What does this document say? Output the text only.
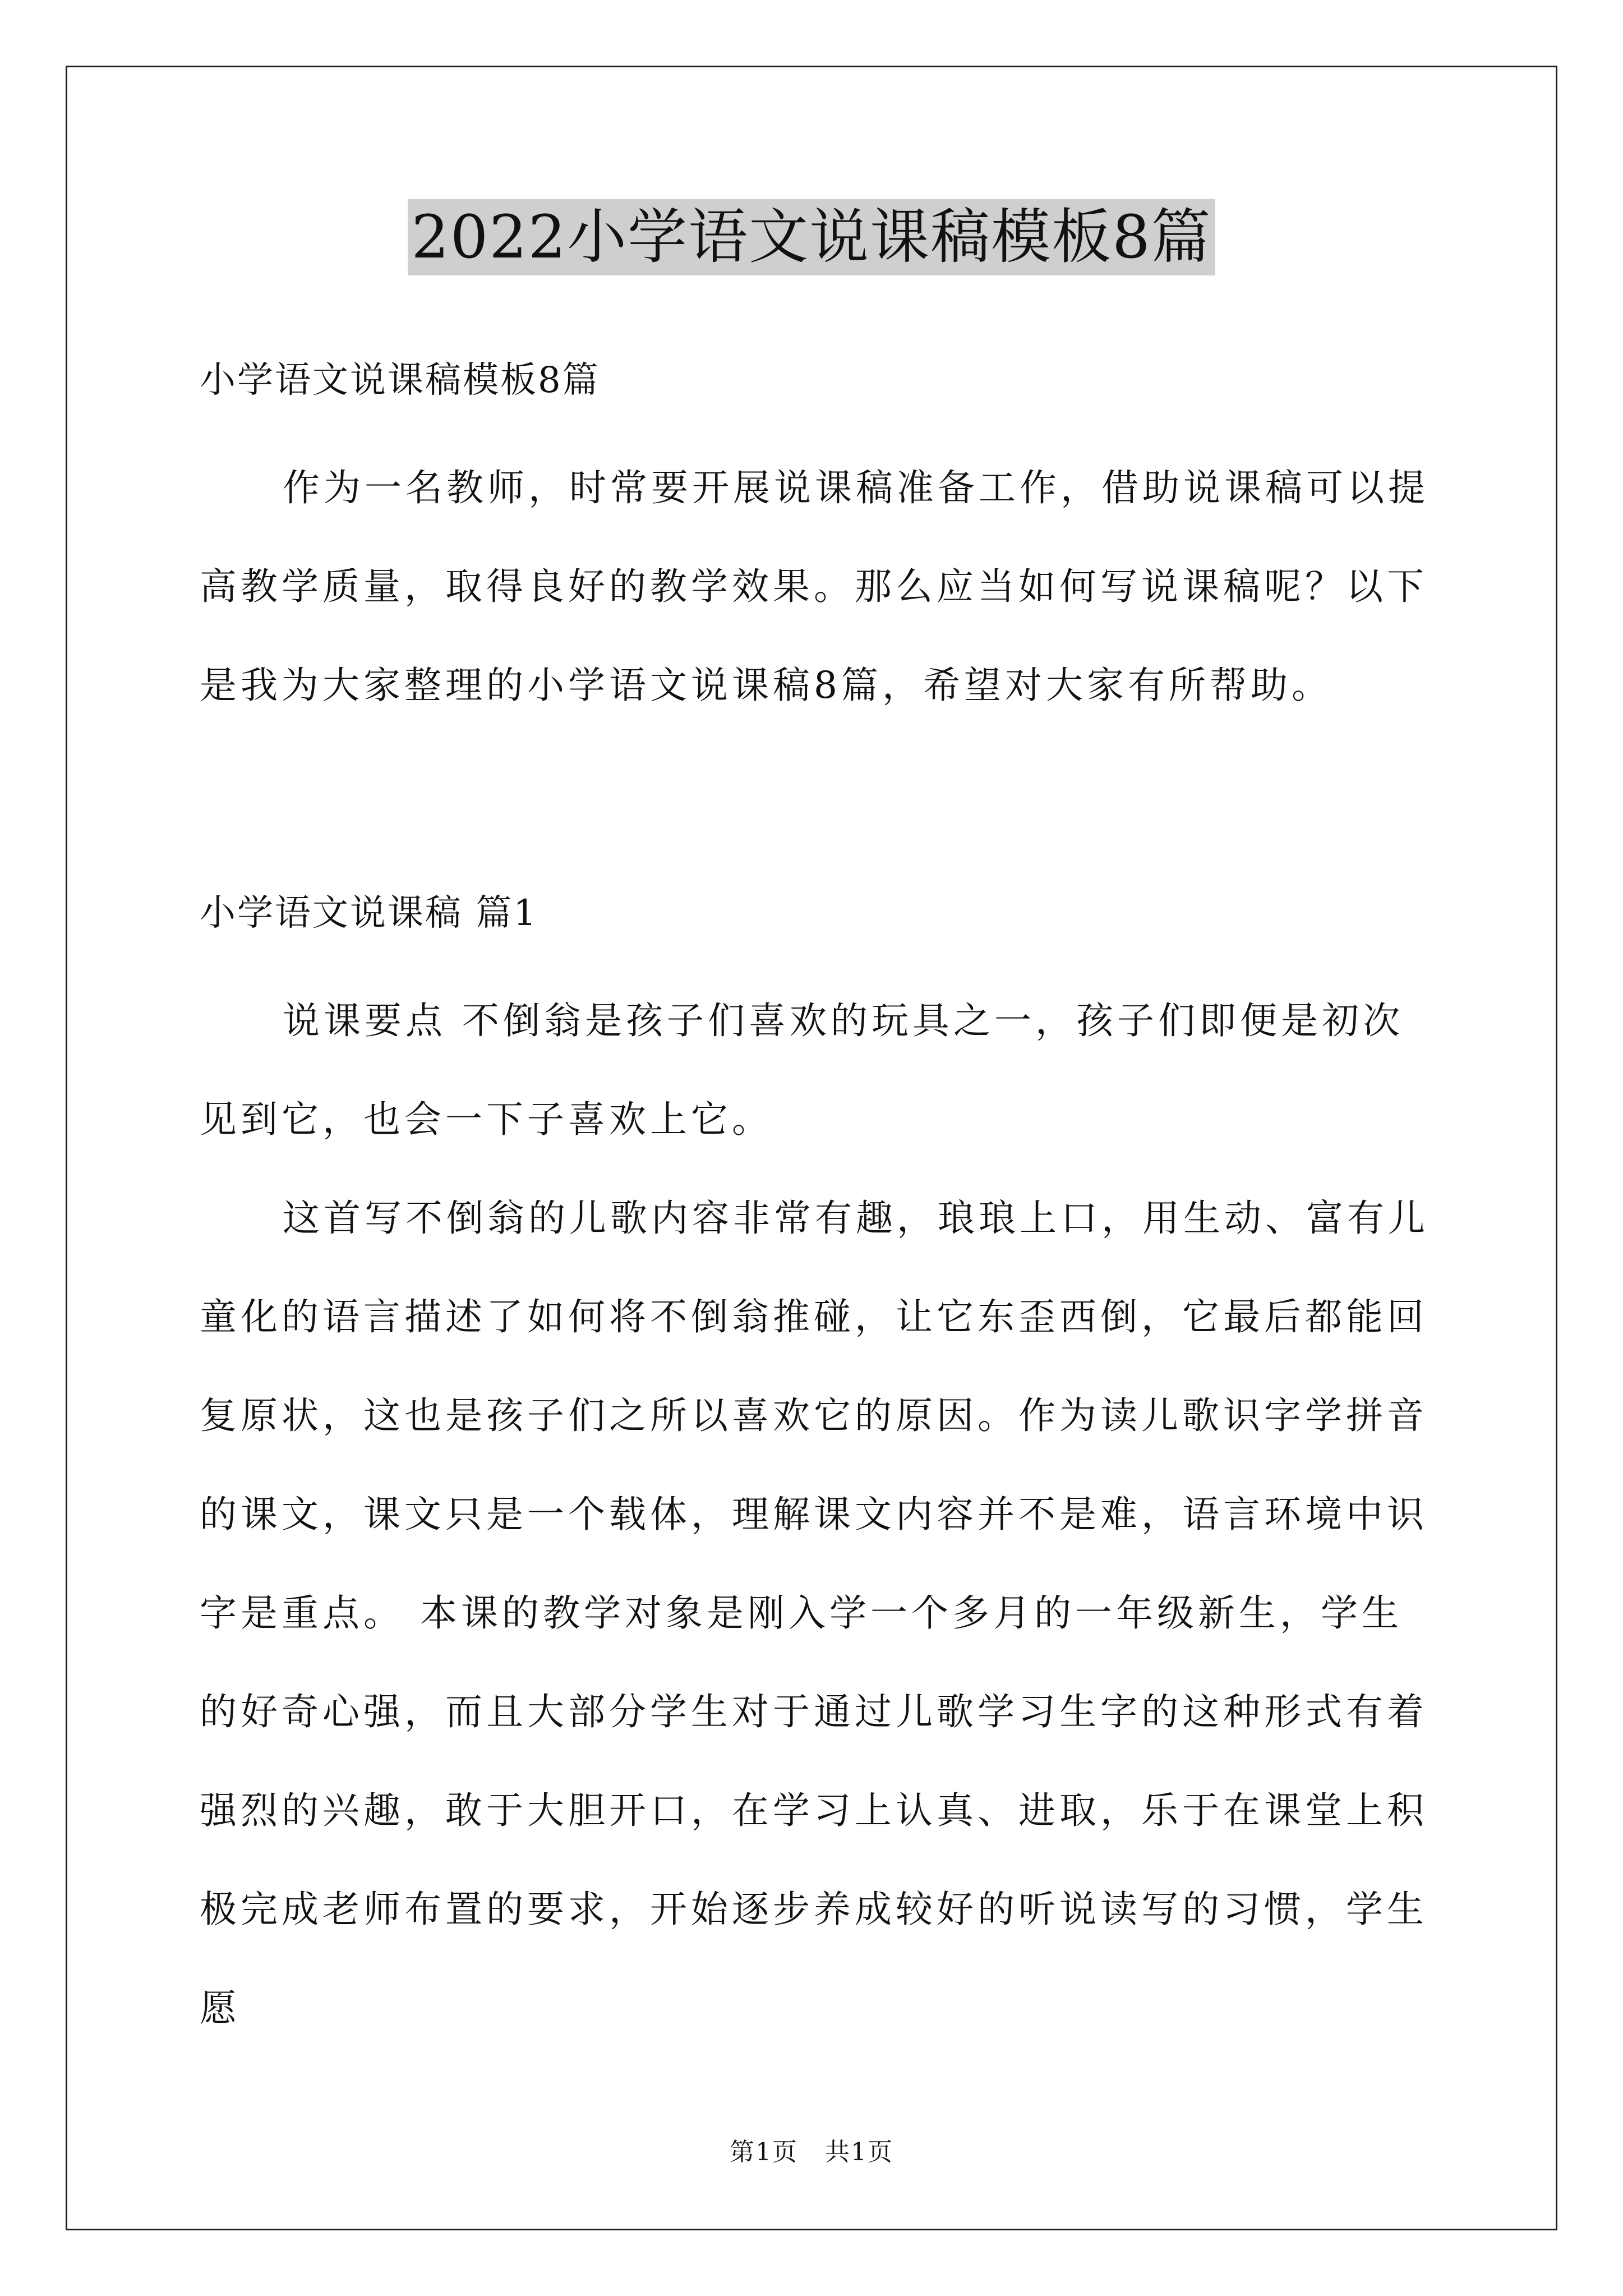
2022小学语文说课稿模板8篇

小学语文说课稿模板8篇

作为一名教师，时常要开展说课稿准备工作，借助说课稿可以提高教学质量，取得良好的教学效果。那么应当如何写说课稿呢？以下是我为大家整理的小学语文说课稿8篇，希望对大家有所帮助。

小学语文说课稿 篇1

说课要点 不倒翁是孩子们喜欢的玩具之一，孩子们即便是初次见到它，也会一下子喜欢上它。

这首写不倒翁的儿歌内容非常有趣，琅琅上口，用生动、富有儿童化的语言描述了如何将不倒翁推碰，让它东歪西倒，它最后都能回复原状，这也是孩子们之所以喜欢它的原因。作为读儿歌识字学拼音的课文，课文只是一个载体，理解课文内容并不是难，语言环境中识字是重点。 本课的教学对象是刚入学一个多月的一年级新生，学生的好奇心强，而且大部分学生对于通过儿歌学习生字的这种形式有着强烈的兴趣，敢于大胆开口，在学习上认真、进取，乐于在课堂上积极完成老师布置的要求，开始逐步养成较好的听说读写的习惯，学生愿

第1页   共1页
